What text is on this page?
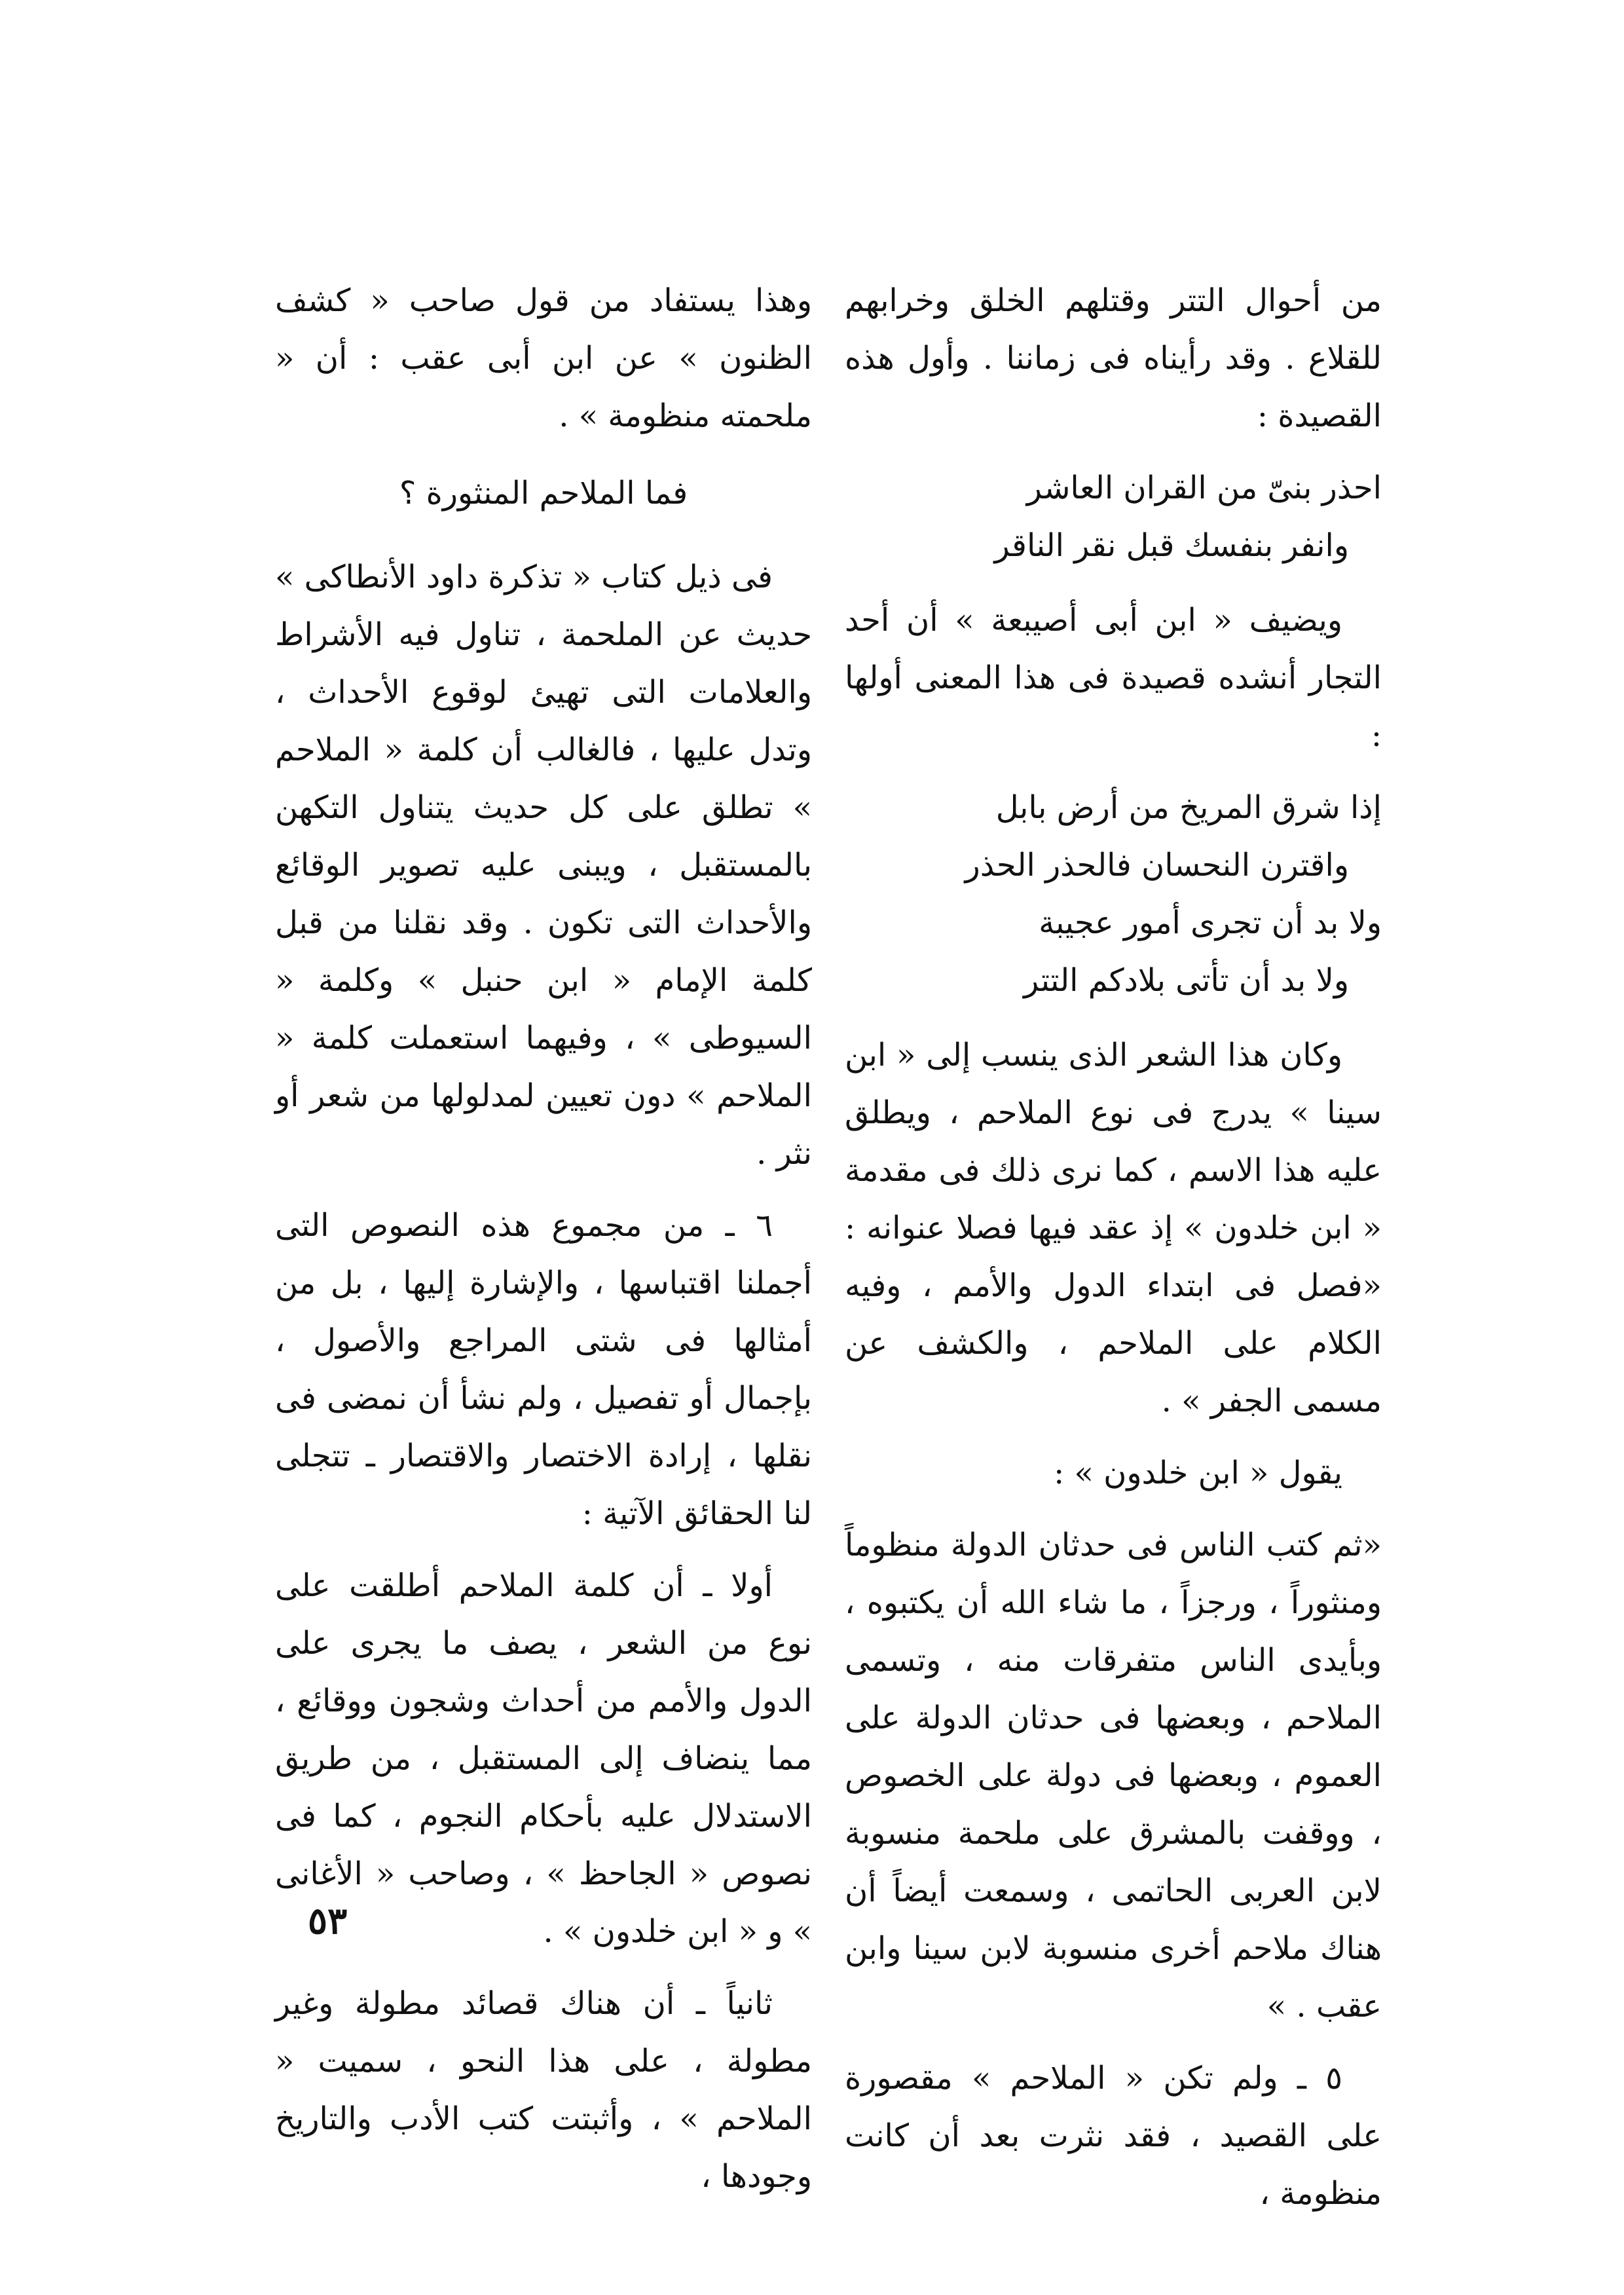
من أحوال التتر وقتلهم الخلق وخرابهم للقلاع . وقد رأيناه فى زماننا . وأول هذه القصيدة :

احذر بنىّ من القران العاشر
وانفر بنفسك قبل نقر الناقر

ويضيف « ابن أبى أصيبعة » أن أحد التجار أنشده قصيدة فى هذا المعنى أولها :

إذا شرق المريخ من أرض بابل
واقترن النحسان فالحذر الحذر
ولا بد أن تجرى أمور عجيبة
ولا بد أن تأتى بلادكم التتر

وكان هذا الشعر الذى ينسب إلى « ابن سينا » يدرج فى نوع الملاحم ، ويطلق عليه هذا الاسم ، كما نرى ذلك فى مقدمة « ابن خلدون » إذ عقد فيها فصلا عنوانه : «فصل فى ابتداء الدول والأمم ، وفيه الكلام على الملاحم ، والكشف عن مسمى الجفر » .

يقول « ابن خلدون » :

«ثم كتب الناس فى حدثان الدولة منظوماً ومنثوراً ، ورجزاً ، ما شاء الله أن يكتبوه ، وبأيدى الناس متفرقات منه ، وتسمى الملاحم ، وبعضها فى حدثان الدولة على العموم ، وبعضها فى دولة على الخصوص ، ووقفت بالمشرق على ملحمة منسوبة لابن العربى الحاتمى ، وسمعت أيضاً أن هناك ملاحم أخرى منسوبة لابن سينا وابن عقب . »

٥ ـ ولم تكن « الملاحم » مقصورة على القصيد ، فقد نثرت بعد أن كانت منظومة ،

وهذا يستفاد من قول صاحب « كشف الظنون » عن ابن أبى عقب : أن « ملحمته منظومة » .

فما الملاحم المنثورة ؟

فى ذيل كتاب « تذكرة داود الأنطاكى » حديث عن الملحمة ، تناول فيه الأشراط والعلامات التى تهيئ لوقوع الأحداث ، وتدل عليها ، فالغالب أن كلمة « الملاحم » تطلق على كل حديث يتناول التكهن بالمستقبل ، ويبنى عليه تصوير الوقائع والأحداث التى تكون . وقد نقلنا من قبل كلمة الإمام « ابن حنبل » وكلمة « السيوطى » ، وفيهما استعملت كلمة « الملاحم » دون تعيين لمدلولها من شعر أو نثر .

٦ ـ من مجموع هذه النصوص التى أجملنا اقتباسها ، والإشارة إليها ، بل من أمثالها فى شتى المراجع والأصول ، بإجمال أو تفصيل ، ولم نشأ أن نمضى فى نقلها ، إرادة الاختصار والاقتصار ـ تتجلى لنا الحقائق الآتية :

أولا ـ أن كلمة الملاحم أطلقت على نوع من الشعر ، يصف ما يجرى على الدول والأمم من أحداث وشجون ووقائع ، مما ينضاف إلى المستقبل ، من طريق الاستدلال عليه بأحكام النجوم ، كما فى نصوص « الجاحظ » ، وصاحب « الأغانى » و « ابن خلدون » .

ثانياً ـ أن هناك قصائد مطولة وغير مطولة ، على هذا النحو ، سميت « الملاحم » ، وأثبتت كتب الأدب والتاريخ وجودها ،

٥٣
